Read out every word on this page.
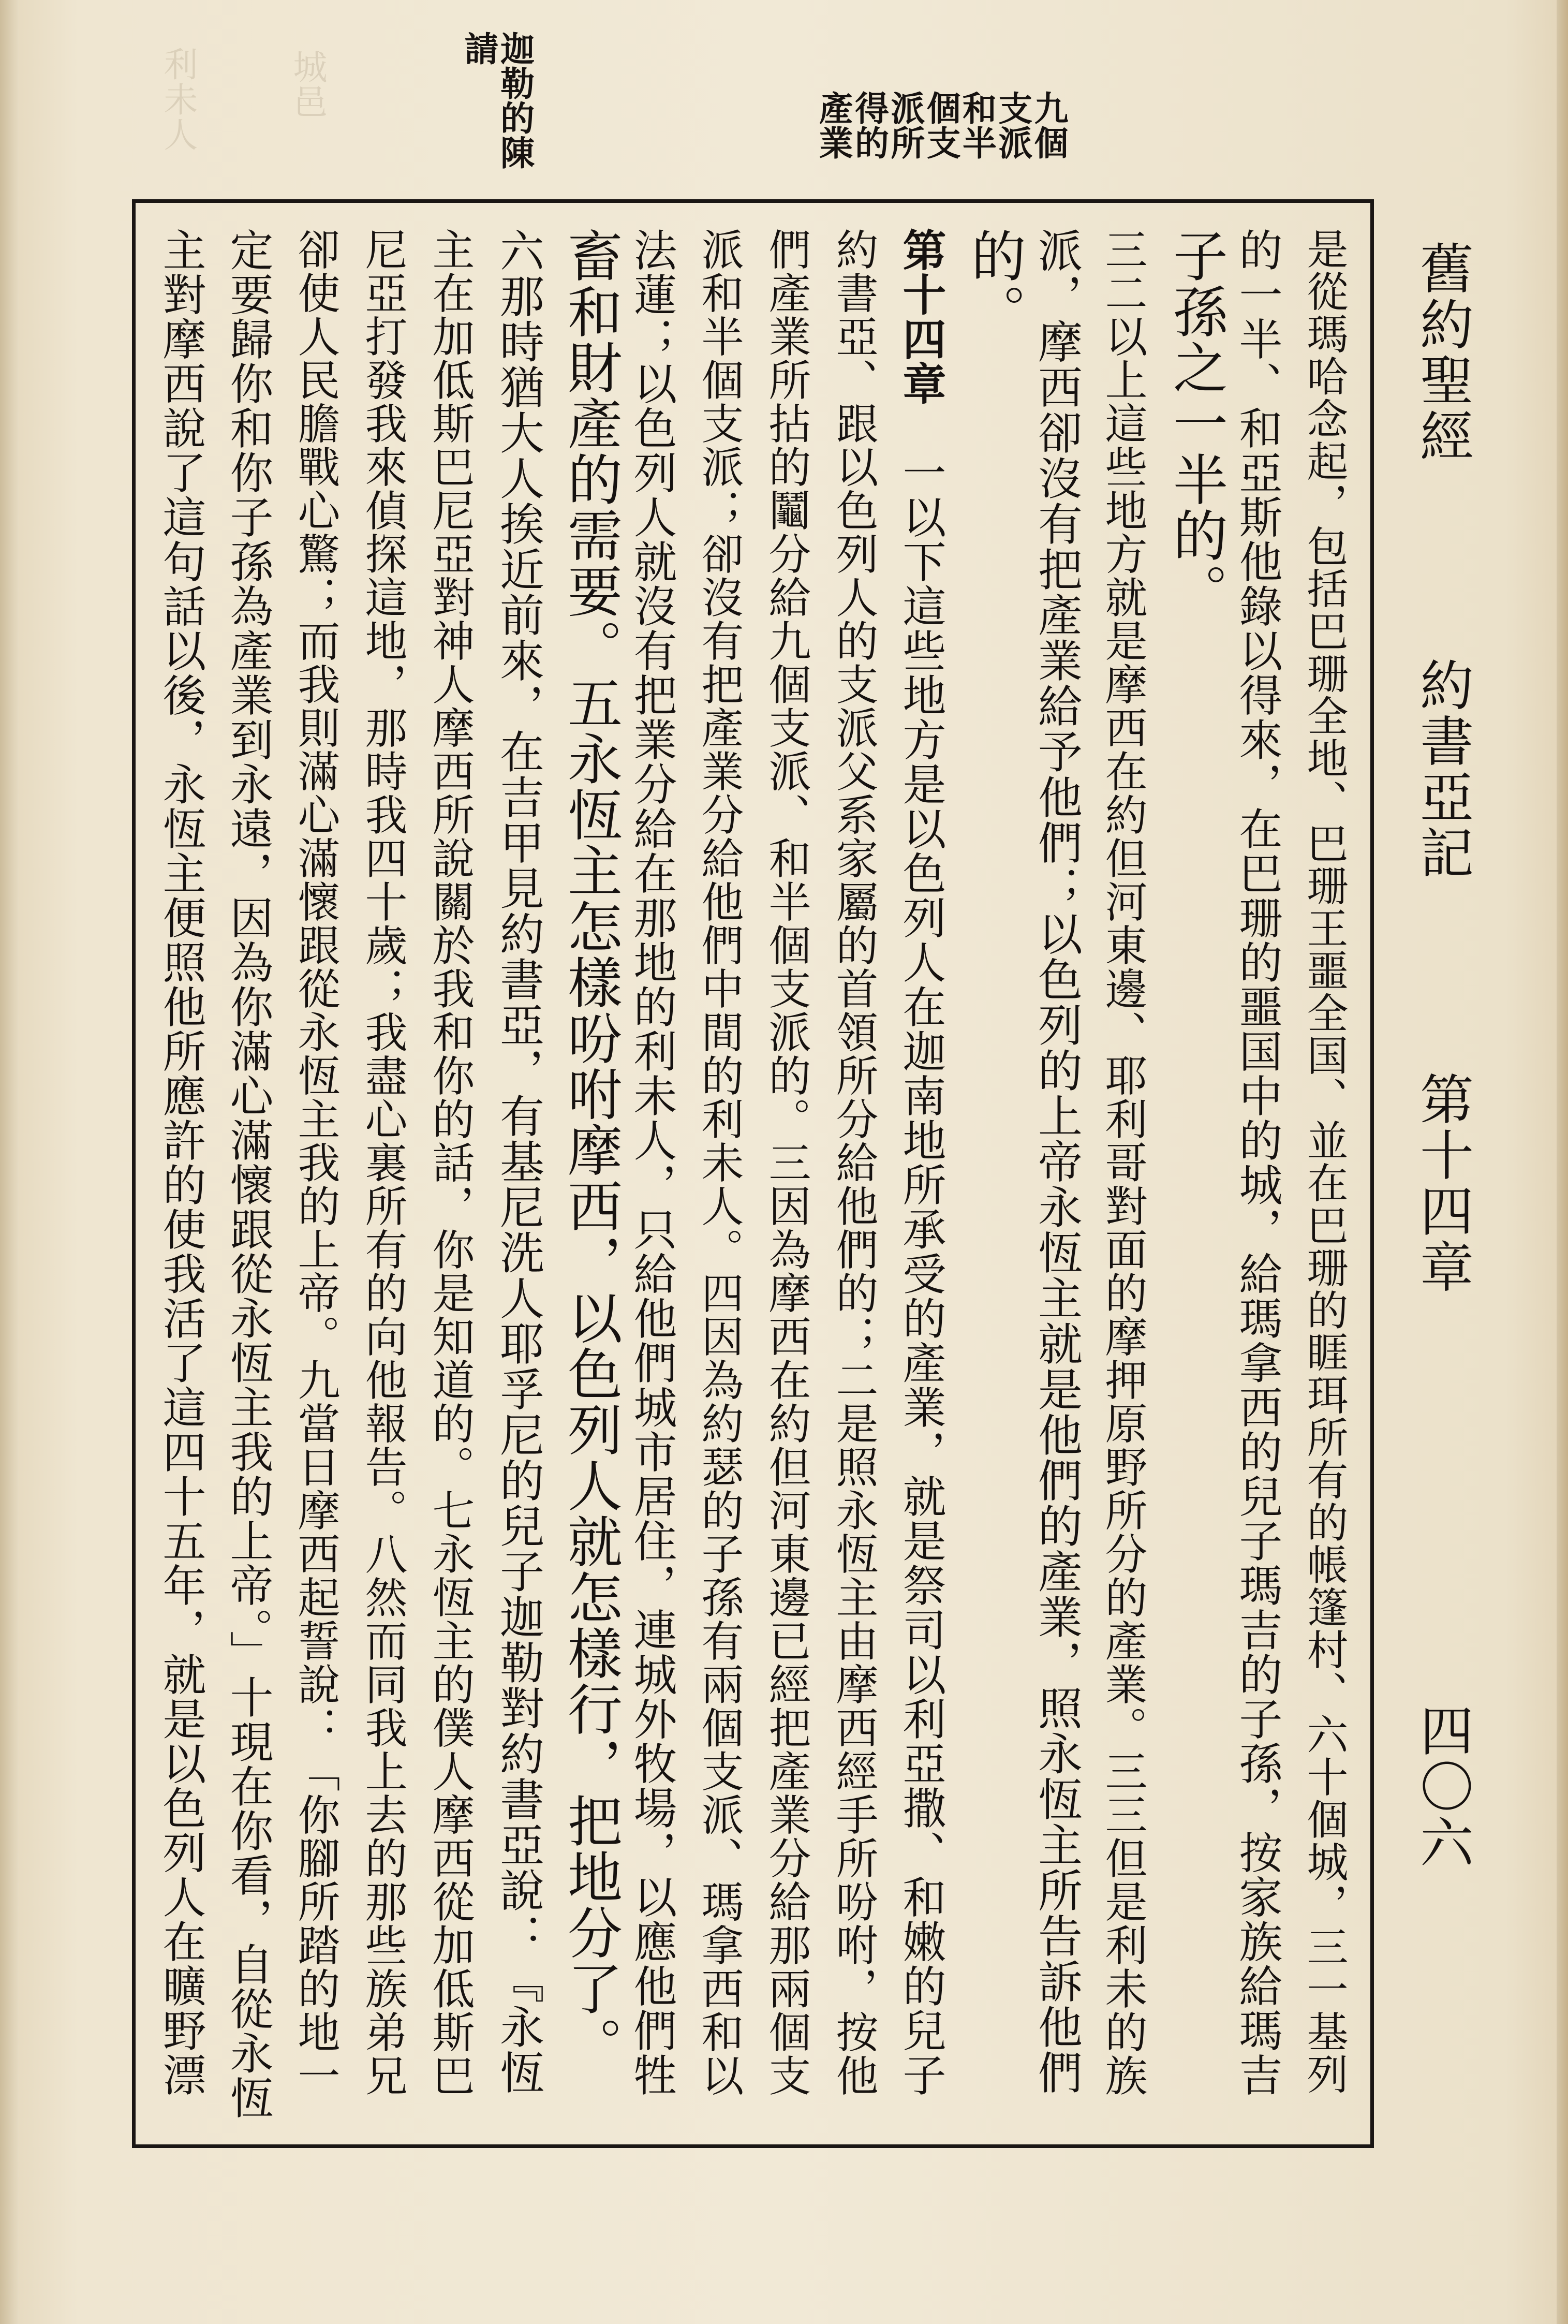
舊約聖經
約書亞記
第十四章
四〇六
九個支派和半個支派所得的產業
迦勒的陳請
利未人	城邑
是從瑪哈念起，包括巴珊全地、巴珊王噩全国、並在巴珊的睚珥所有的帳篷村、六十個城，三一基列
的一半、和亞斯他錄以得來，在巴珊的噩国中的城，給瑪拿西的兒子瑪吉的子孫，按家族給瑪吉
子孫之一半的。
三二以上這些地方就是摩西在約但河東邊、耶利哥對面的摩押原野所分的產業。三三但是利未的族
派，摩西卻沒有把產業給予他們；以色列的上帝永恆主就是他們的產業，照永恆主所告訴他們
的。
第十四章　一以下這些地方是以色列人在迦南地所承受的產業，就是祭司以利亞撒、和嫩的兒子
約書亞、跟以色列人的支派父系家屬的首領所分給他們的；二是照永恆主由摩西經手所吩咐，按他
們產業所拈的鬮分給九個支派、和半個支派的。三因為摩西在約但河東邊已經把產業分給那兩個支
派和半個支派；卻沒有把產業分給他們中間的利未人。四因為約瑟的子孫有兩個支派、瑪拿西和以
法蓮；以色列人就沒有把業分給在那地的利未人，只給他們城市居住，連城外牧場，以應他們牲
畜和財產的需要。五永恆主怎樣吩咐摩西，以色列人就怎樣行，把地分了。
六那時猶大人挨近前來，在吉甲見約書亞，有基尼洗人耶孚尼的兒子迦勒對約書亞說：『永恆
主在加低斯巴尼亞對神人摩西所說關於我和你的話，你是知道的。七永恆主的僕人摩西從加低斯巴
尼亞打發我來偵探這地，那時我四十歲；我盡心裏所有的向他報告。八然而同我上去的那些族弟兄
卻使人民膽戰心驚；而我則滿心滿懷跟從永恆主我的上帝。九當日摩西起誓說：「你腳所踏的地一
定要歸你和你子孫為產業到永遠，因為你滿心滿懷跟從永恆主我的上帝。」十現在你看，自從永恆
主對摩西說了這句話以後，永恆主便照他所應許的使我活了這四十五年，就是以色列人在曠野漂
